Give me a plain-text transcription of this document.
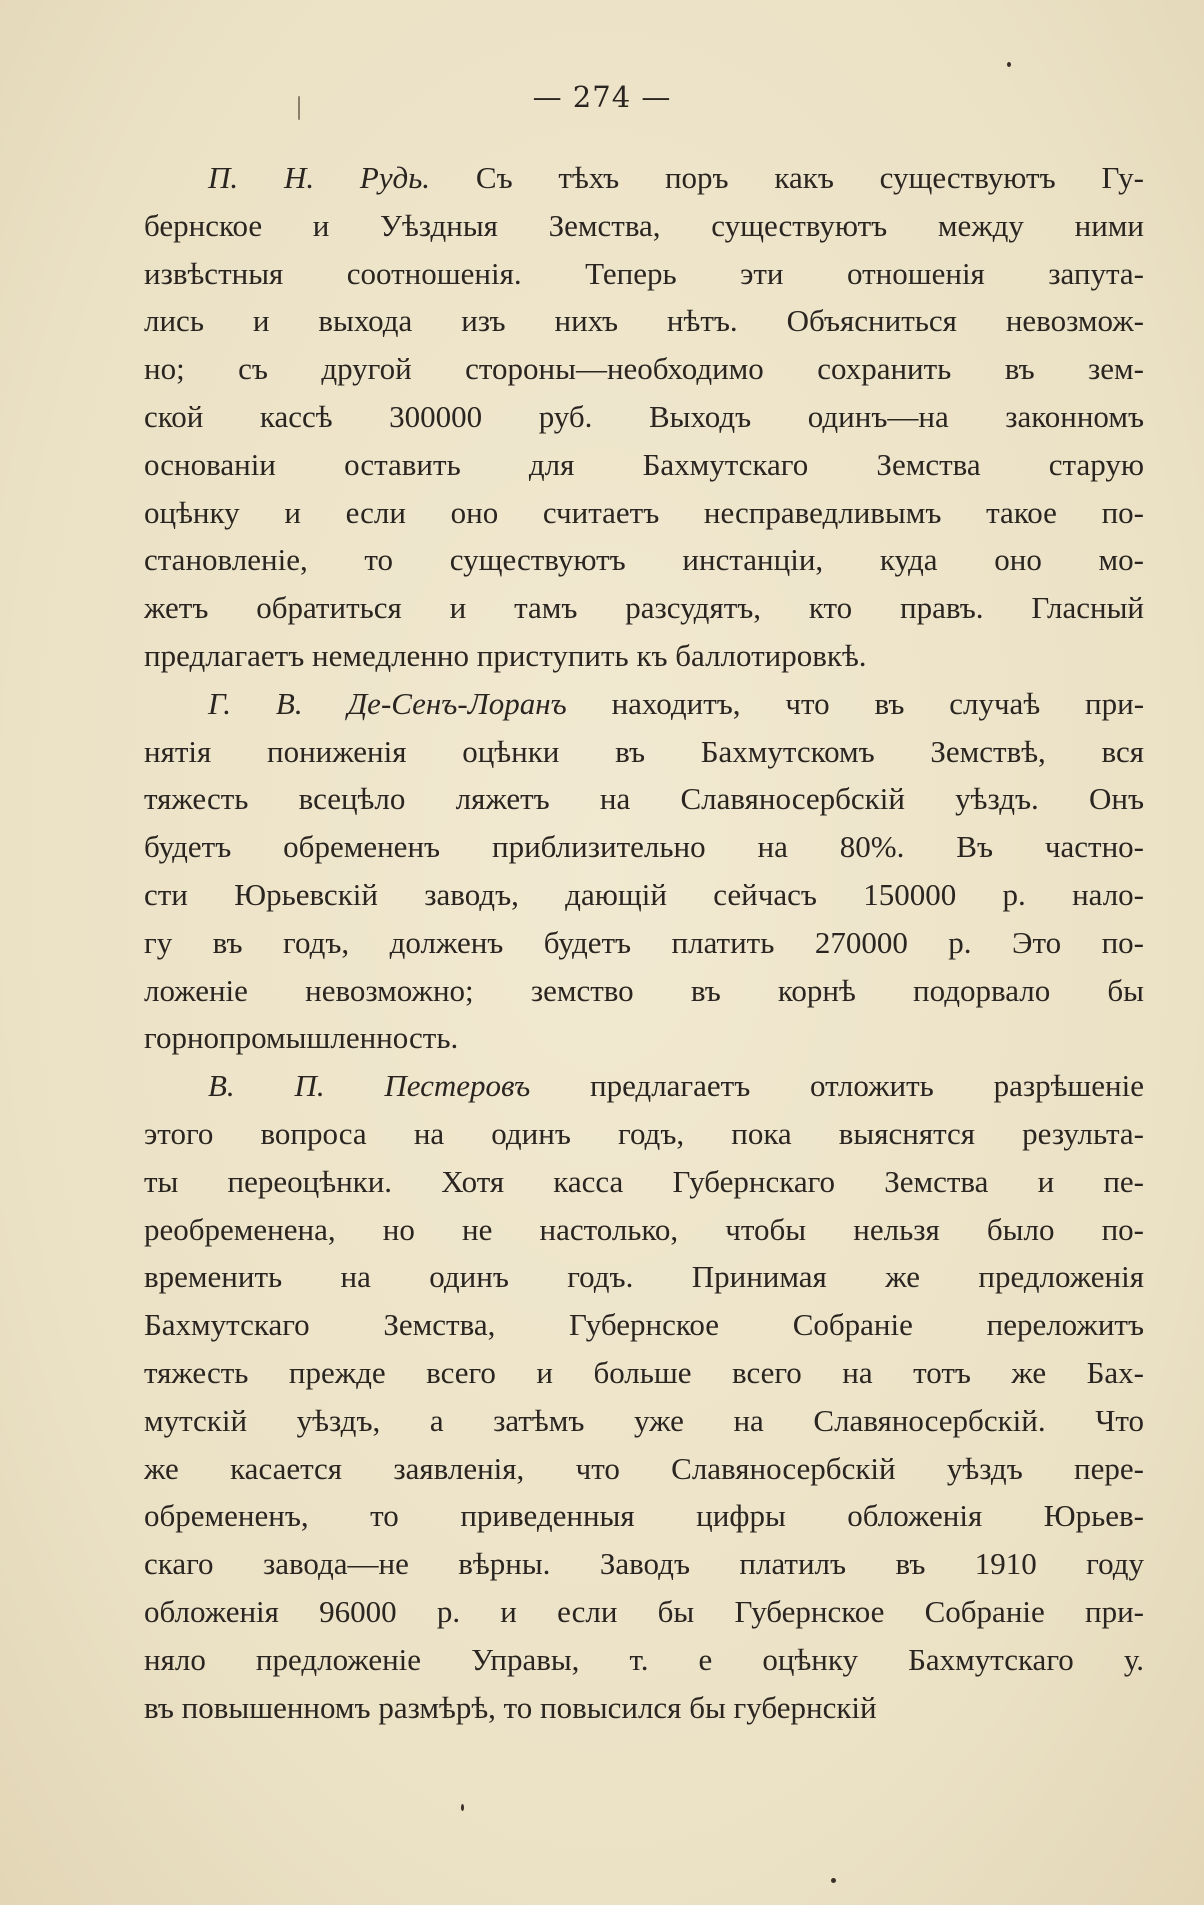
— 274 —
П. Н. Рудь. Съ тѣхъ поръ какъ существуютъ Гу-
бернское и Уѣздныя Земства, существуютъ между ними
извѣстныя соотношенія. Теперь эти отношенія запута-
лись и выхода изъ нихъ нѣтъ. Объясниться невозмож-
но; съ другой стороны—необходимо сохранить въ зем-
ской кассѣ 300000 руб. Выходъ одинъ—на законномъ
основаніи оставить для Бахмутскаго Земства старую
оцѣнку и если оно считаетъ несправедливымъ такое по-
становленіе, то существуютъ инстанціи, куда оно мо-
жетъ обратиться и тамъ разсудятъ, кто правъ. Гласный
предлагаетъ немедленно приступить къ баллотировкѣ.
Г. В. Де-Сенъ-Лоранъ находитъ, что въ случаѣ при-
нятія пониженія оцѣнки въ Бахмутскомъ Земствѣ, вся
тяжесть всецѣло ляжетъ на Славяносербскій уѣздъ. Онъ
будетъ обремененъ приблизительно на 80%. Въ частно-
сти Юрьевскій заводъ, дающій сейчасъ 150000 р. нало-
гу въ годъ, долженъ будетъ платить 270000 р. Это по-
ложеніе невозможно; земство въ корнѣ подорвало бы
горнопромышленность.
В. П. Пестеровъ предлагаетъ отложить разрѣшеніе
этого вопроса на одинъ годъ, пока выяснятся результа-
ты переоцѣнки. Хотя касса Губернскаго Земства и пе-
реобременена, но не настолько, чтобы нельзя было по-
временить на одинъ годъ. Принимая же предложенія
Бахмутскаго Земства, Губернское Собраніе переложитъ
тяжесть прежде всего и больше всего на тотъ же Бах-
мутскій уѣздъ, а затѣмъ уже на Славяносербскій. Что
же касается заявленія, что Славяносербскій уѣздъ пере-
обремененъ, то приведенныя цифры обложенія Юрьев-
скаго завода—не вѣрны. Заводъ платилъ въ 1910 году
обложенія 96000 р. и если бы Губернское Собраніе при-
няло предложеніе Управы, т. е оцѣнку Бахмутскаго у.
въ повышенномъ размѣрѣ, то повысился бы губернскій
